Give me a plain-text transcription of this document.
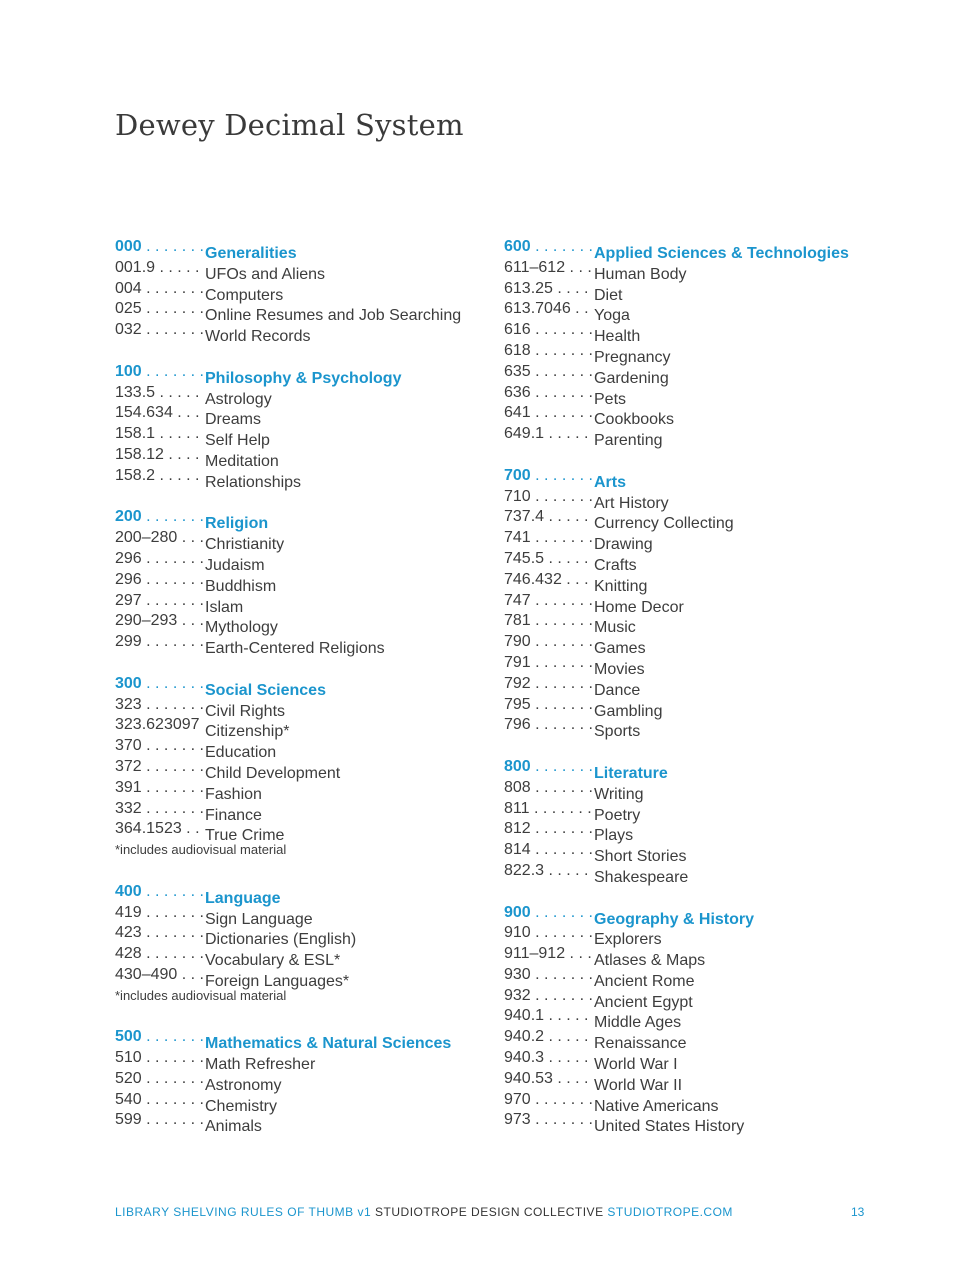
Dewey Decimal System
000 . . .	Generalities
001.9 . . .	UFOs and Aliens
004 . . .	Computers
025 . . .	Online Resumes and Job Searching
032 . . .	World Records
100 . . .	Philosophy & Psychology
133.5 . . .	Astrology
154.634 . . . Dreams
158.1 . . .	Self Help
158.12 . . .	Meditation
158.2 . . .	Relationships
200 . . .	Religion
200–280 . . . Christianity
296 . . .	Judaism
296 . . .	Buddhism
297 . . .	Islam
290–293 . . . Mythology
299 . . .	Earth-Centered Religions
300 . . .	Social Sciences
323 . . .	Civil Rights
323.623097 . . . Citizenship*
370 . . .	Education
372 . . .	Child Development
391 . . .	Fashion
332 . . .	Finance
364.1523 . . . True Crime
*includes audiovisual material
400 . . .	Language
419 . . .	Sign Language
423 . . .	Dictionaries (English)
428 . . .	Vocabulary & ESL*
430–490 . . . Foreign Languages*
*includes audiovisual material
500 . . .	Mathematics & Natural Sciences
510 . . .	Math Refresher
520 . . .	Astronomy
540 . . .	Chemistry
599 . . .	Animals
600 . . .	Applied Sciences & Technologies
611–612 . . . Human Body
613.25 . . .	Diet
613.7046 . . . Yoga
616 . . .	Health
618 . . .	Pregnancy
635 . . .	Gardening
636 . . .	Pets
641 . . .	Cookbooks
649.1 . . .	Parenting
700 . . .	Arts
710 . . .	Art History
737.4 . . .	Currency Collecting
741 . . .	Drawing
745.5 . . .	Crafts
746.432 . . . Knitting
747 . . .	Home Decor
781 . . .	Music
790 . . .	Games
791 . . .	Movies
792 . . .	Dance
795 . . .	Gambling
796 . . .	Sports
800 . . .	Literature
808 . . .	Writing
811 . . .	Poetry
812 . . .	Plays
814 . . .	Short Stories
822.3 . . .	Shakespeare
900 . . .	Geography & History
910 . . .	Explorers
911–912 . . . Atlases & Maps
930 . . .	Ancient Rome
932 . . .	Ancient Egypt
940.1 . . .	Middle Ages
940.2 . . .	Renaissance
940.3 . . .	World War I
940.53 . . .	World War II
970 . . .	Native Americans
973 . . .	United States History
LIBRARY SHELVING RULES OF THUMB v1 STUDIOTROPE DESIGN COLLECTIVE STUDIOTROPE.COM	13
